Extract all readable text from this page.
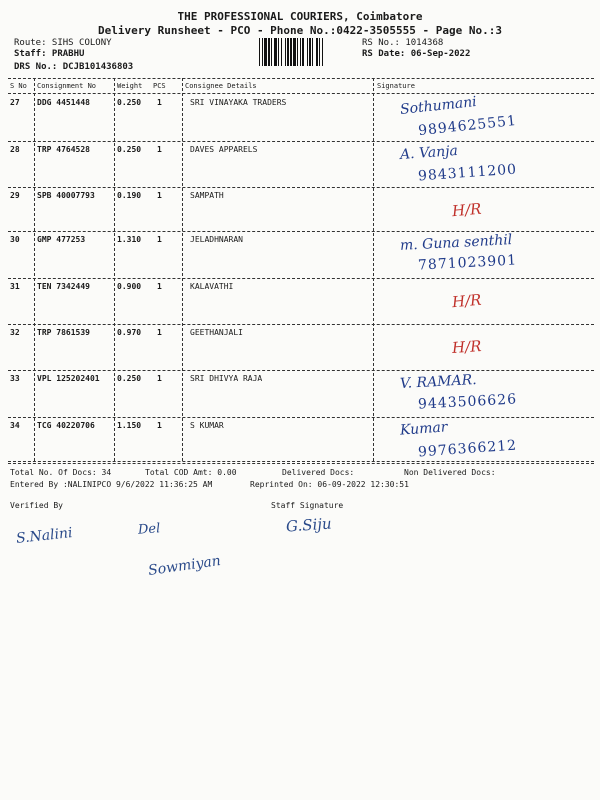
THE PROFESSIONAL COURIERS, Coimbatore
Delivery Runsheet - PCO - Phone No.:0422-3505555 - Page No.:3
Route: SIHS COLONY
Staff: PRABHU
DRS No.: DCJB101436803
RS No.: 1014368
RS Date: 06-Sep-2022
S No Consignment No	Weight PCS	Consignee Details	Signature
27 DDG 4451448	0.250 1	SRI VINAYAKA TRADERS	Sothumani
9894625551
28 TRP 4764528	0.250 1	DAVES APPARELS	A. Vanja
9843111200
29 SPB 40007793	0.190 1	SAMPATH
H/R
30 GMP 477253	1.310 1	JELADHNARAN	m. Guna senthil
7871023901
31 TEN 7342449	0.900 1	KALAVATHI
H/R
32 TRP 7861539	0.970 1	GEETHANJALI
H/R
33 VPL 125202401 0.250 1	SRI DHIVYA RAJA	V. RAMAR.
9443506626
34 TCG 40220706	1.150 1	S KUMAR	Kumar
9976366212
Total No. Of Docs: 34	Total COD Amt: 0.00	Delivered Docs:	Non Delivered Docs:
Entered By :NALINIPCO 9/6/2022 11:36:25 AM	Reprinted On: 06-09-2022 12:30:51
Verified By	Staff Signature
S.Nalini	Del
Sowmiyan
G.Siju
